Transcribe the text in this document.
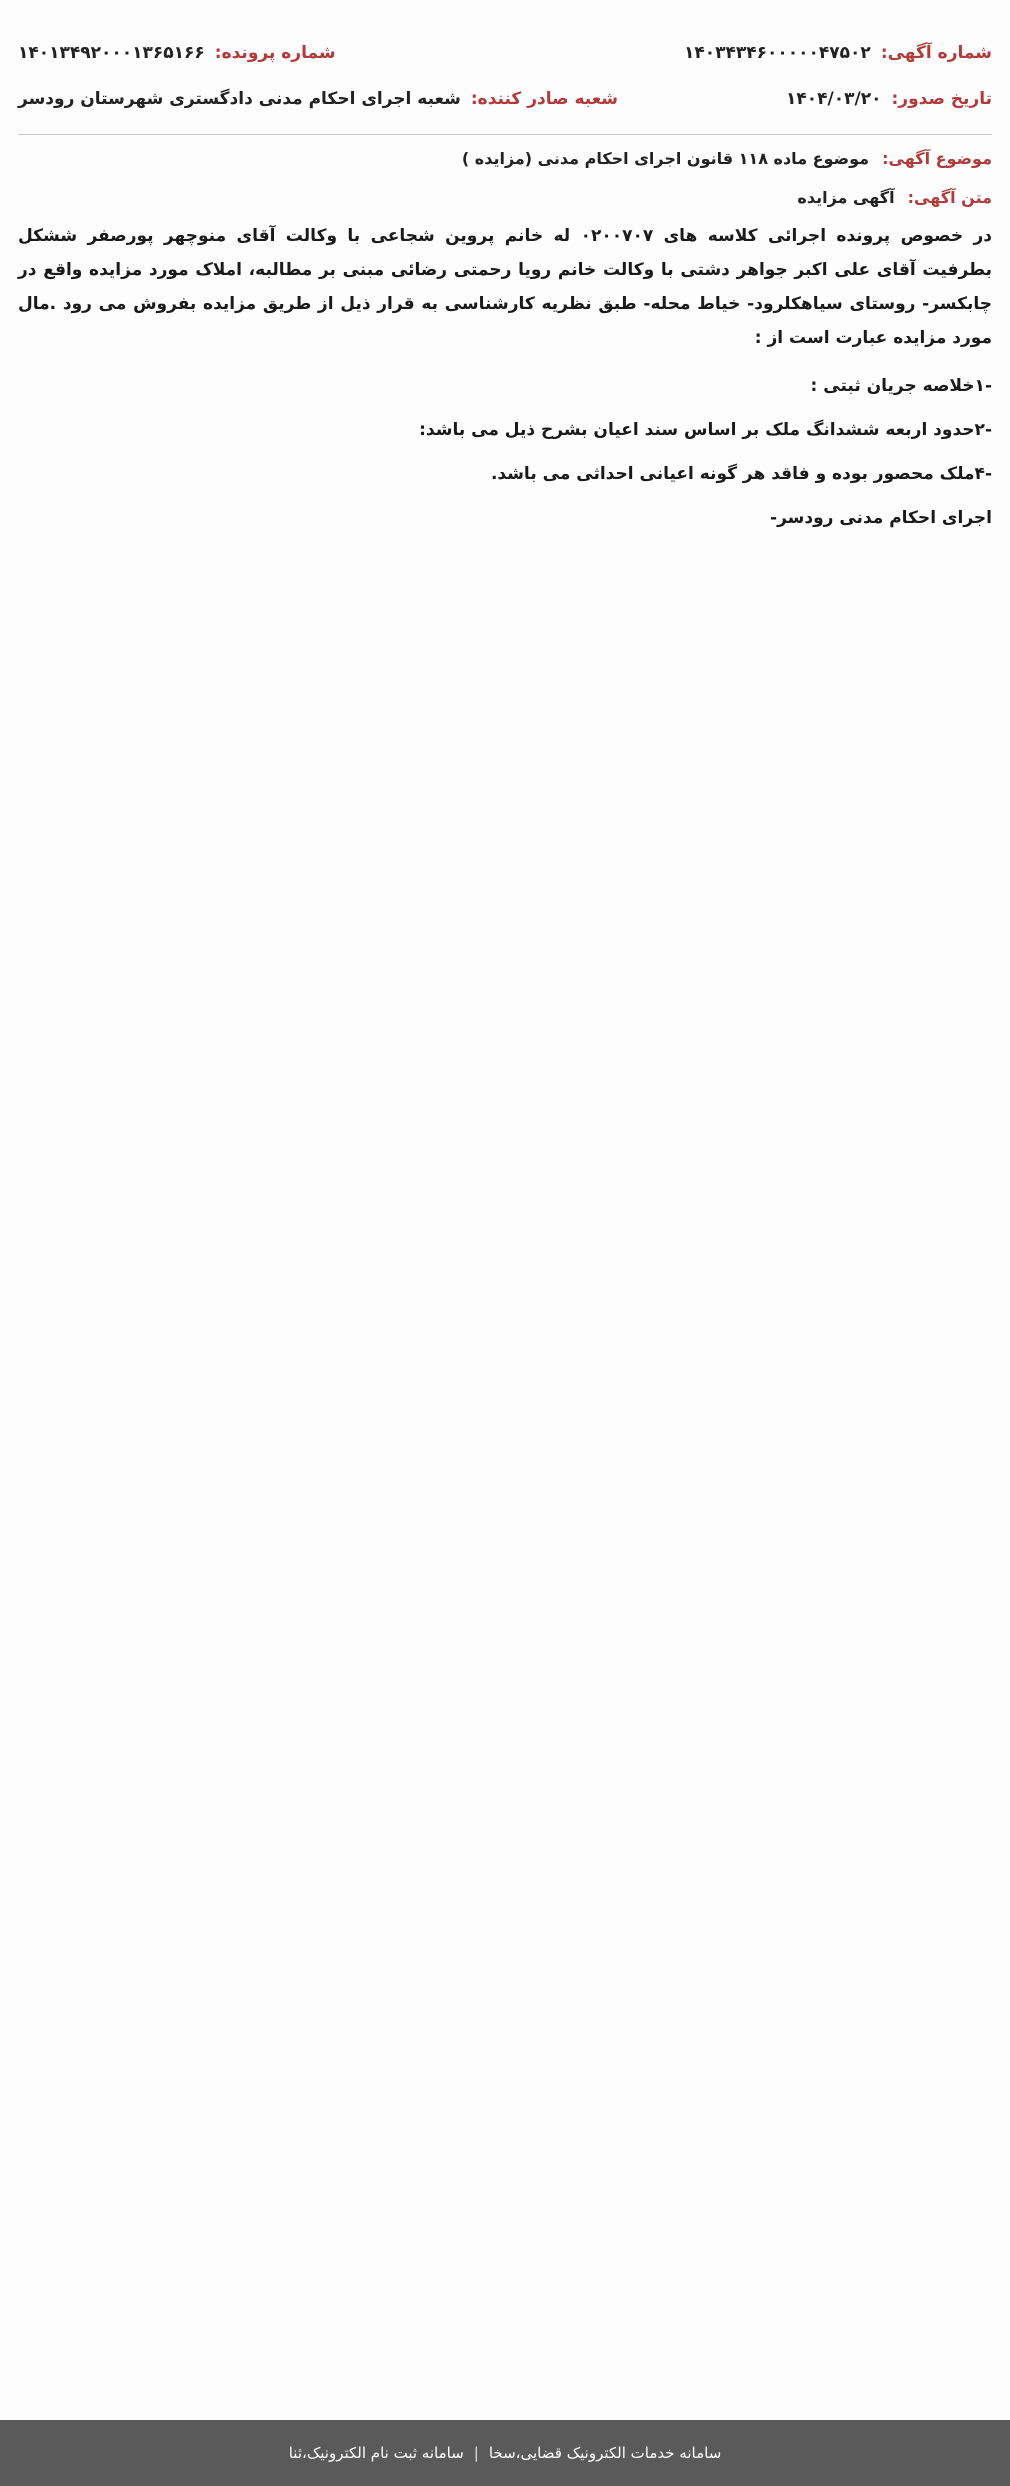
شماره آگهی:
۱۴۰۳۴۳۴۶۰۰۰۰۰۴۷۵۰۲
شماره پرونده:
۱۴۰۱۳۴۹۲۰۰۰۱۳۶۵۱۶۶
تاریخ صدور:
۱۴۰۴/۰۳/۲۰
شعبه صادر کننده:
شعبه اجرای احکام مدنی دادگستری شهرستان رودسر
موضوع آگهی: موضوع ماده ۱۱۸ قانون اجرای احکام مدنی (مزایده )
متن آگهی: آگهی مزایده

در خصوص پرونده اجرائی کلاسه های ۰۲۰۰۷۰۷ له خانم پروین شجاعی با وکالت آقای منوچهر پورصفر ششکل بطرفیت آقای علی اکبر جواهر دشتی با وکالت خانم رویا رحمتی رضائی مبنی بر مطالبه، املاک مورد مزایده واقع در چابکسر- روستای سیاهکلرود- خیاط محله- طبق نظریه کارشناسی به قرار ذیل از طریق مزایده بفروش می رود .مال مورد مزایده عبارت است از :

-۱خلاصه جریان ثبتی :

-۲حدود اربعه ششدانگ ملک بر اساس سند اعیان بشرح ذیل می باشد:

-۴ملک محصور بوده و فاقد هر گونه اعیانی احداثی می باشد.

اجرای احکام مدنی رودسر-

سامانه خدمات الکترونیک قضایی،سخا
|
سامانه ثبت نام الکترونیک،ثنا
